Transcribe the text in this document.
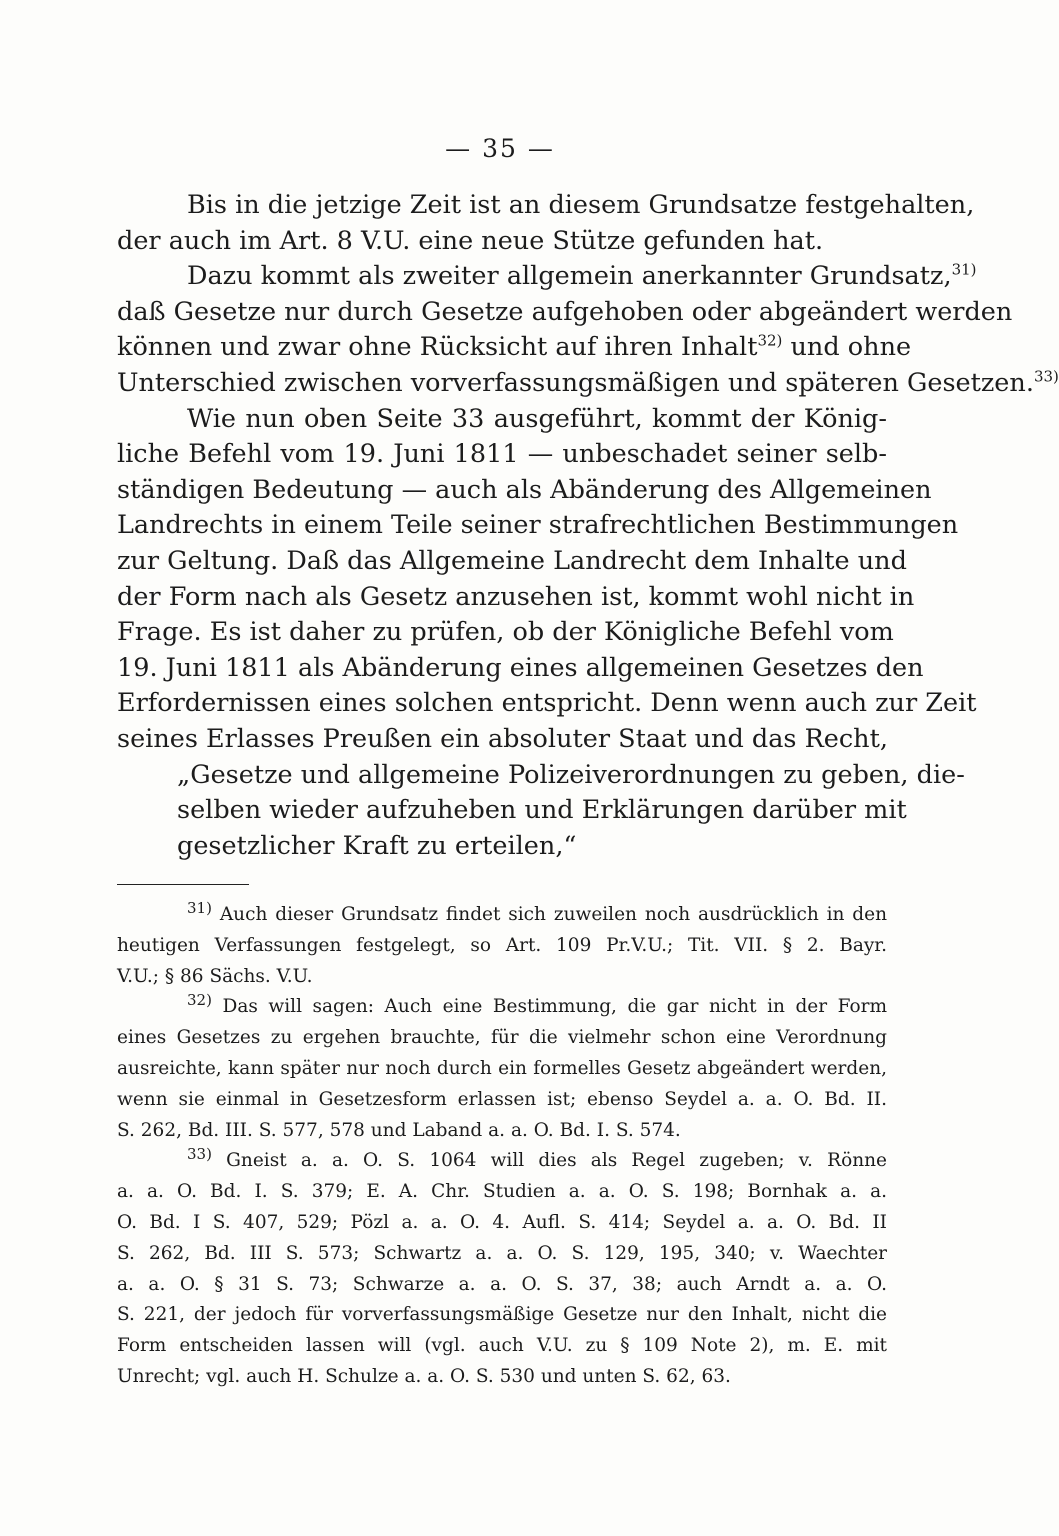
— 35 —
Bis in die jetzige Zeit ist an diesem Grundsatze festgehalten,
der auch im Art. 8 V.U. eine neue Stütze gefunden hat.
Dazu kommt als zweiter allgemein anerkannter Grundsatz,$^{31)}$
daß Gesetze nur durch Gesetze aufgehoben oder abgeändert werden
können und zwar ohne Rücksicht auf ihren Inhalt$^{32)}$ und ohne
Unterschied zwischen vorverfassungsmäßigen und späteren Gesetzen.$^{33)}$
Wie nun oben Seite 33 ausgeführt, kommt der König-
liche Befehl vom 19. Juni 1811 — unbeschadet seiner selb-
ständigen Bedeutung — auch als Abänderung des Allgemeinen
Landrechts in einem Teile seiner strafrechtlichen Bestimmungen
zur Geltung. Daß das Allgemeine Landrecht dem Inhalte und
der Form nach als Gesetz anzusehen ist, kommt wohl nicht in
Frage. Es ist daher zu prüfen, ob der Königliche Befehl vom
19. Juni 1811 als Abänderung eines allgemeinen Gesetzes den
Erfordernissen eines solchen entspricht. Denn wenn auch zur Zeit
seines Erlasses Preußen ein absoluter Staat und das Recht,
„Gesetze und allgemeine Polizeiverordnungen zu geben, die-
selben wieder aufzuheben und Erklärungen darüber mit
gesetzlicher Kraft zu erteilen,“
$^{31)}$ Auch dieser Grundsatz findet sich zuweilen noch ausdrücklich in den
heutigen Verfassungen festgelegt, so Art. 109 Pr.V.U.; Tit. VII. § 2. Bayr.
V.U.; § 86 Sächs. V.U.
$^{32)}$ Das will sagen: Auch eine Bestimmung, die gar nicht in der Form
eines Gesetzes zu ergehen brauchte, für die vielmehr schon eine Verordnung
ausreichte, kann später nur noch durch ein formelles Gesetz abgeändert werden,
wenn sie einmal in Gesetzesform erlassen ist; ebenso Seydel a. a. O. Bd. II.
S. 262, Bd. III. S. 577, 578 und Laband a. a. O. Bd. I. S. 574.
$^{33)}$ Gneist a. a. O. S. 1064 will dies als Regel zugeben; v. Rönne
a. a. O. Bd. I. S. 379; E. A. Chr. Studien a. a. O. S. 198; Bornhak a. a.
O. Bd. I S. 407, 529; Pözl a. a. O. 4. Aufl. S. 414; Seydel a. a. O. Bd. II
S. 262, Bd. III S. 573; Schwartz a. a. O. S. 129, 195, 340; v. Waechter
a. a. O. § 31 S. 73; Schwarze a. a. O. S. 37, 38; auch Arndt a. a. O.
S. 221, der jedoch für vorverfassungsmäßige Gesetze nur den Inhalt, nicht die
Form entscheiden lassen will (vgl. auch V.U. zu § 109 Note 2), m. E. mit
Unrecht; vgl. auch H. Schulze a. a. O. S. 530 und unten S. 62, 63.
